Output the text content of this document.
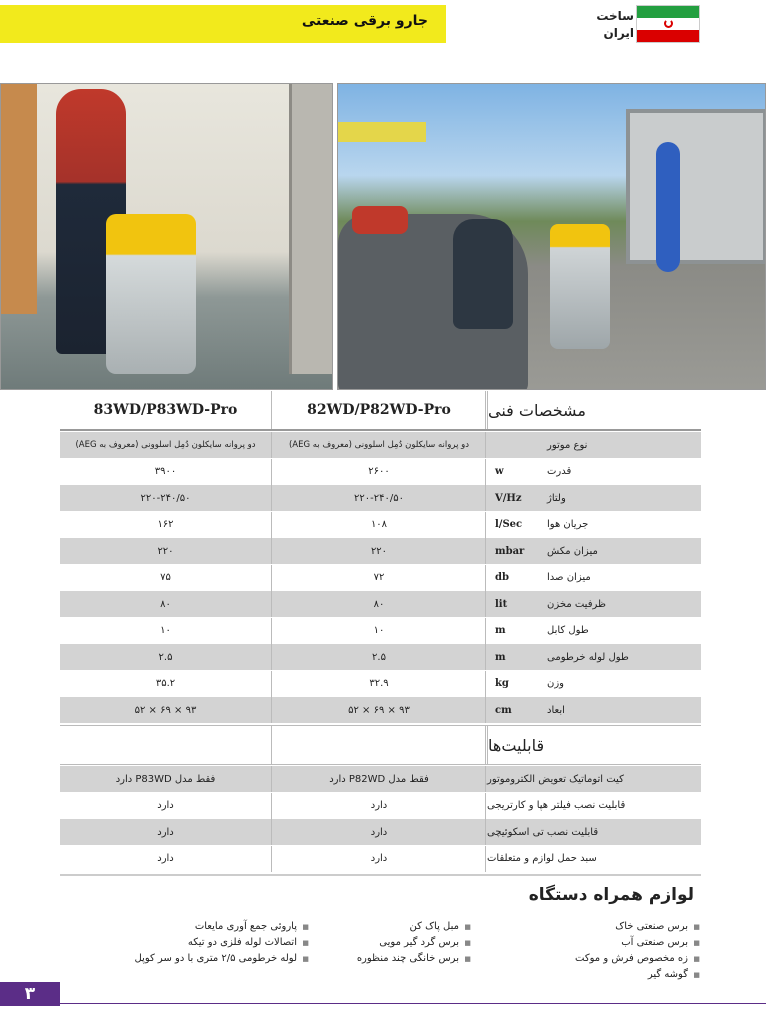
جارو برقی صنعتی	ساخت
ایران
83WD/P83WD-Pro	82WD/P82WD-Pro	مشخصات فنی
دو پروانه سایکلون دُمِل اسلوونی (معروف به AEG)	دو پروانه سایکلون دُمِل اسلوونی (معروف به AEG)	نوع موتور
۳۹۰۰	۲۶۰۰	w	قدرت
۲۲۰-۲۴۰/۵۰	۲۲۰-۲۴۰/۵۰	V/Hz	ولتاژ
۱۶۲	۱۰۸	l/Sec	جریان هوا
۲۲۰	۲۲۰	mbar	میزان مکش
۷۵	۷۲	db	میزان صدا
۸۰	۸۰	lit	ظرفیت مخزن
۱۰	۱۰	m	طول کابل
۲.۵	۲.۵	m	طول لوله خرطومی
۳۵.۲	۳۲.۹	kg	وزن
۵۲ × ۶۹ × ۹۳	۵۲ × ۶۹ × ۹۳	cm	ابعاد
قابلیت‌ها
فقط مدل P83WD دارد	فقط مدل P82WD دارد	کیت اتوماتیک تعویض الکتروموتور
دارد	دارد	قابلیت نصب فیلتر هپا و کارتریجی
دارد	دارد	قابلیت نصب تی اسکوئیچی
دارد	دارد	سبد حمل لوازم و متعلقات
لوازم همراه دستگاه
■ برس صنعتی خاک
■ برس صنعتی آب
■ زه مخصوص فرش و موکت
■ گوشه گیر
■ مبل پاک کن
■ برس گرد گیر مویی
■ برس خانگی چند منظوره
■ پاروئی جمع آوری مایعات
■ اتصالات لوله فلزی دو تیکه
■ لوله خرطومی ۲/۵ متری با دو سر کوپل
۳
